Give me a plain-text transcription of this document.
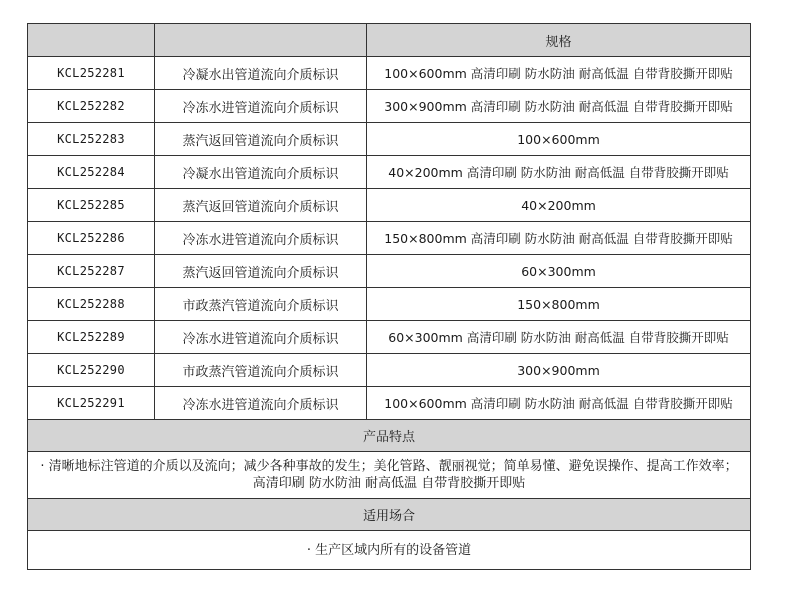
		规格
KCL252281	冷凝水出管道流向介质标识	100×600mm 高清印刷 防水防油 耐高低温 自带背胶撕开即贴
KCL252282	冷冻水进管道流向介质标识	300×900mm 高清印刷 防水防油 耐高低温 自带背胶撕开即贴
KCL252283	蒸汽返回管道流向介质标识	100×600mm
KCL252284	冷凝水出管道流向介质标识	40×200mm 高清印刷 防水防油 耐高低温 自带背胶撕开即贴
KCL252285	蒸汽返回管道流向介质标识	40×200mm
KCL252286	冷冻水进管道流向介质标识	150×800mm 高清印刷 防水防油 耐高低温 自带背胶撕开即贴
KCL252287	蒸汽返回管道流向介质标识	60×300mm
KCL252288	市政蒸汽管道流向介质标识	150×800mm
KCL252289	冷冻水进管道流向介质标识	60×300mm 高清印刷 防水防油 耐高低温 自带背胶撕开即贴
KCL252290	市政蒸汽管道流向介质标识	300×900mm
KCL252291	冷冻水进管道流向介质标识	100×600mm 高清印刷 防水防油 耐高低温 自带背胶撕开即贴
产品特点		
· 清晰地标注管道的介质以及流向；减少各种事故的发生；美化管路、靓丽视觉；简单易懂、避免误操作、提高工作效率；高清印刷 防水防油 耐高低温 自带背胶撕开即贴		
适用场合		
· 生产区域内所有的设备管道		
